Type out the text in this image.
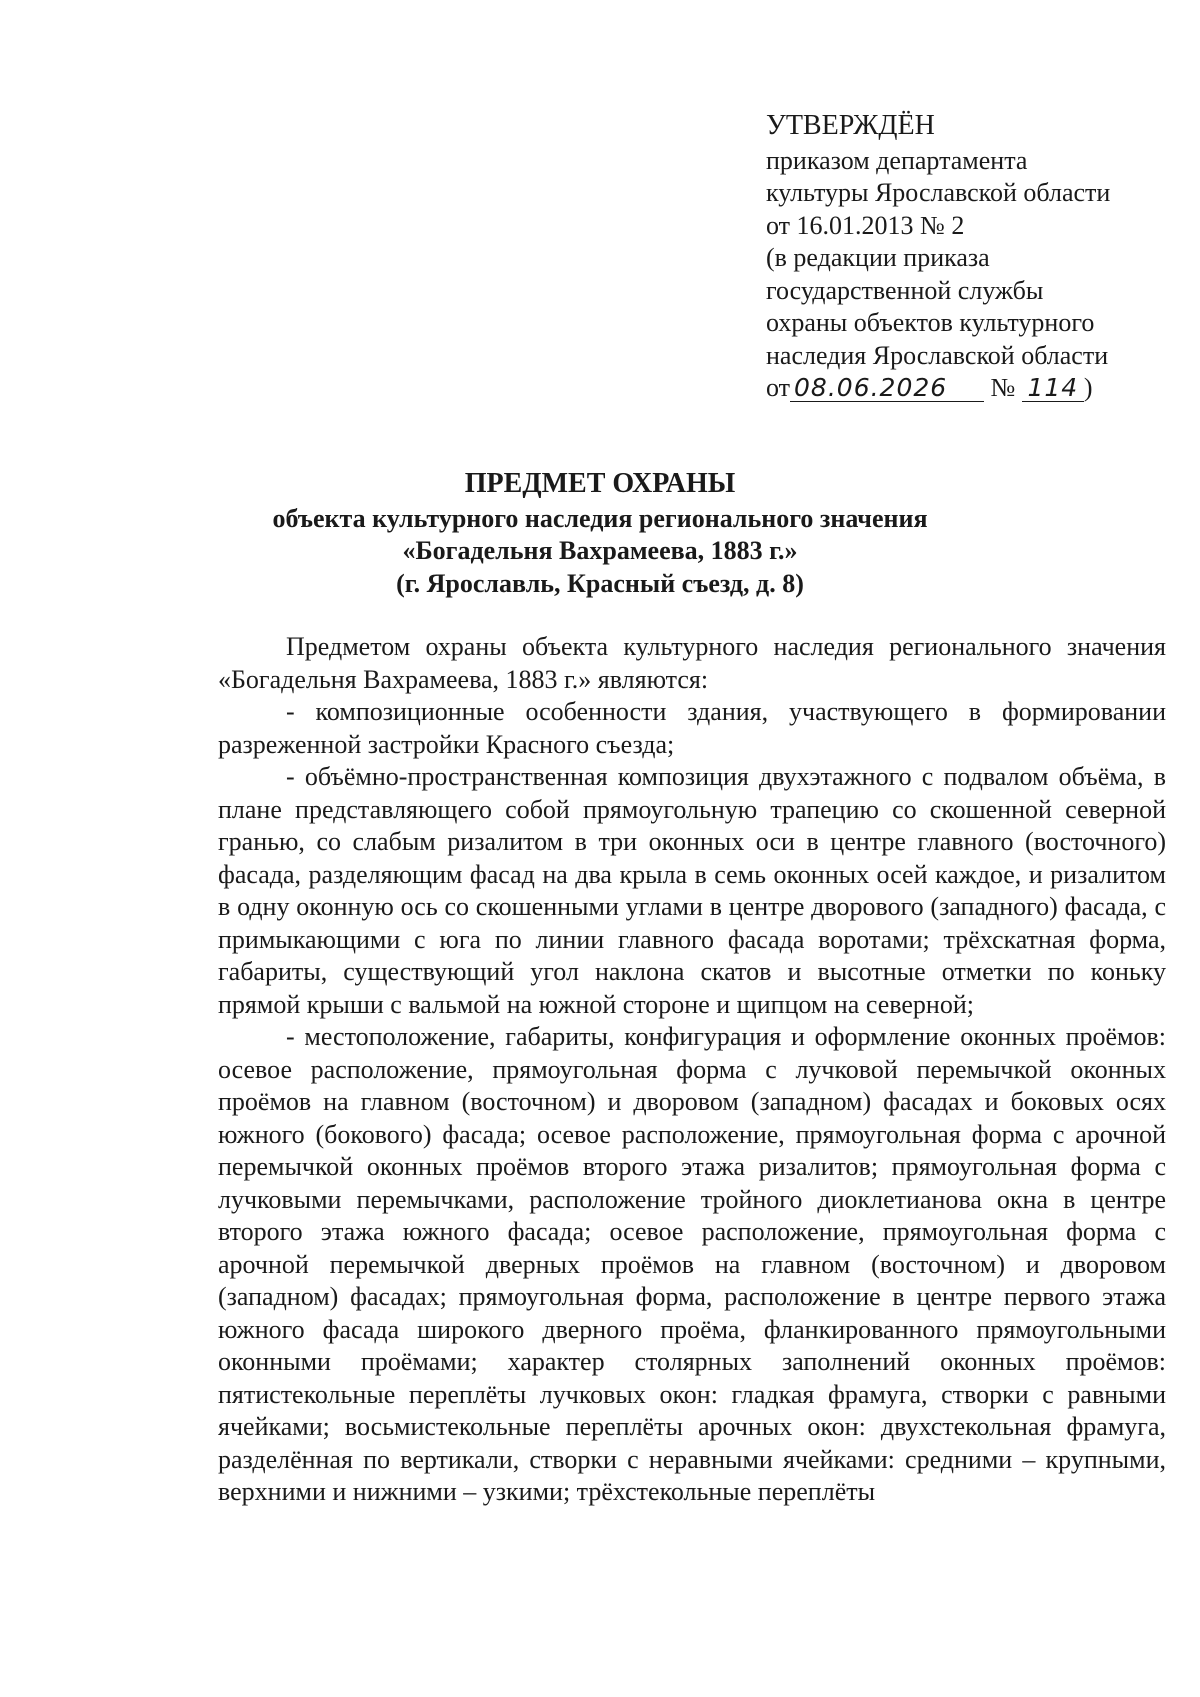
УТВЕРЖДЁН
приказом департамента
культуры Ярославской области
от 16.01.2013 № 2
(в редакции приказа
государственной службы
охраны объектов культурного
наследия Ярославской области
от 08.06.2026 № 114 )
ПРЕДМЕТ ОХРАНЫ
объекта культурного наследия регионального значения
«Богадельня Вахрамеева, 1883 г.»
(г. Ярославль, Красный съезд, д. 8)

Предметом охраны объекта культурного наследия регионального значения «Богадельня Вахрамеева, 1883 г.» являются:

- композиционные особенности здания, участвующего в формировании разреженной застройки Красного съезда;

- объёмно-пространственная композиция двухэтажного с подвалом объёма, в плане представляющего собой прямоугольную трапецию со скошенной северной гранью, со слабым ризалитом в три оконных оси в центре главного (восточного) фасада, разделяющим фасад на два крыла в семь оконных осей каждое, и ризалитом в одну оконную ось со скошенными углами в центре дворового (западного) фасада, с примыкающими с юга по линии главного фасада воротами; трёхскатная форма, габариты, существующий угол наклона скатов и высотные отметки по коньку прямой крыши с вальмой на южной стороне и щипцом на северной;

- местоположение, габариты, конфигурация и оформление оконных проёмов: осевое расположение, прямоугольная форма с лучковой перемычкой оконных проёмов на главном (восточном) и дворовом (западном) фасадах и боковых осях южного (бокового) фасада; осевое расположение, прямоугольная форма с арочной перемычкой оконных проёмов второго этажа ризалитов; прямоугольная форма с лучковыми перемычками, расположение тройного диоклетианова окна в центре второго этажа южного фасада; осевое расположение, прямоугольная форма с арочной перемычкой дверных проёмов на главном (восточном) и дворовом (западном) фасадах; прямоугольная форма, расположение в центре первого этажа южного фасада широкого дверного проёма, фланкированного прямоугольными оконными проёмами; характер столярных заполнений оконных проёмов: пятистекольные переплёты лучковых окон: гладкая фрамуга, створки с равными ячейками; восьмистекольные переплёты арочных окон: двухстекольная фрамуга, разделённая по вертикали, створки с неравными ячейками: средними – крупными, верхними и нижними – узкими; трёхстекольные переплёты
